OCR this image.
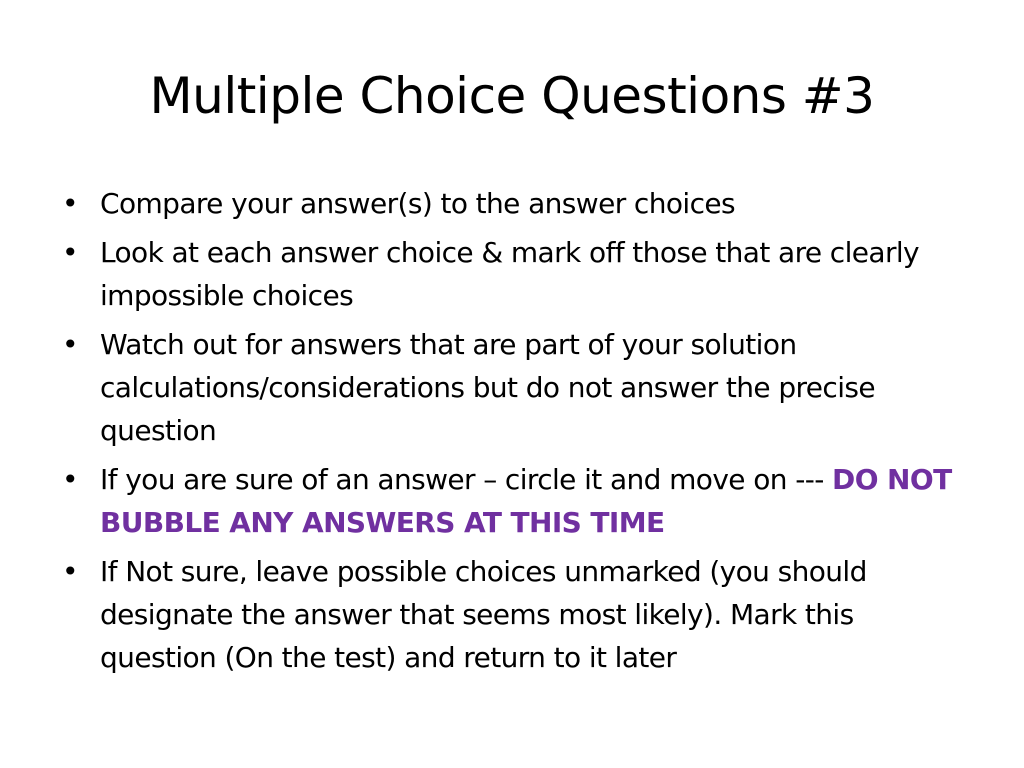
Multiple Choice Questions #3
• Compare your answer(s) to the answer choices
• Look at each answer choice & mark off those that are clearly impossible choices
• Watch out for answers that are part of your solution calculations/considerations but do not answer the precise question
• If you are sure of an answer – circle it and move on --- DO NOT BUBBLE ANY ANSWERS AT THIS TIME
• If Not sure, leave possible choices unmarked (you should designate the answer that seems most likely). Mark this question (On the test) and return to it later
